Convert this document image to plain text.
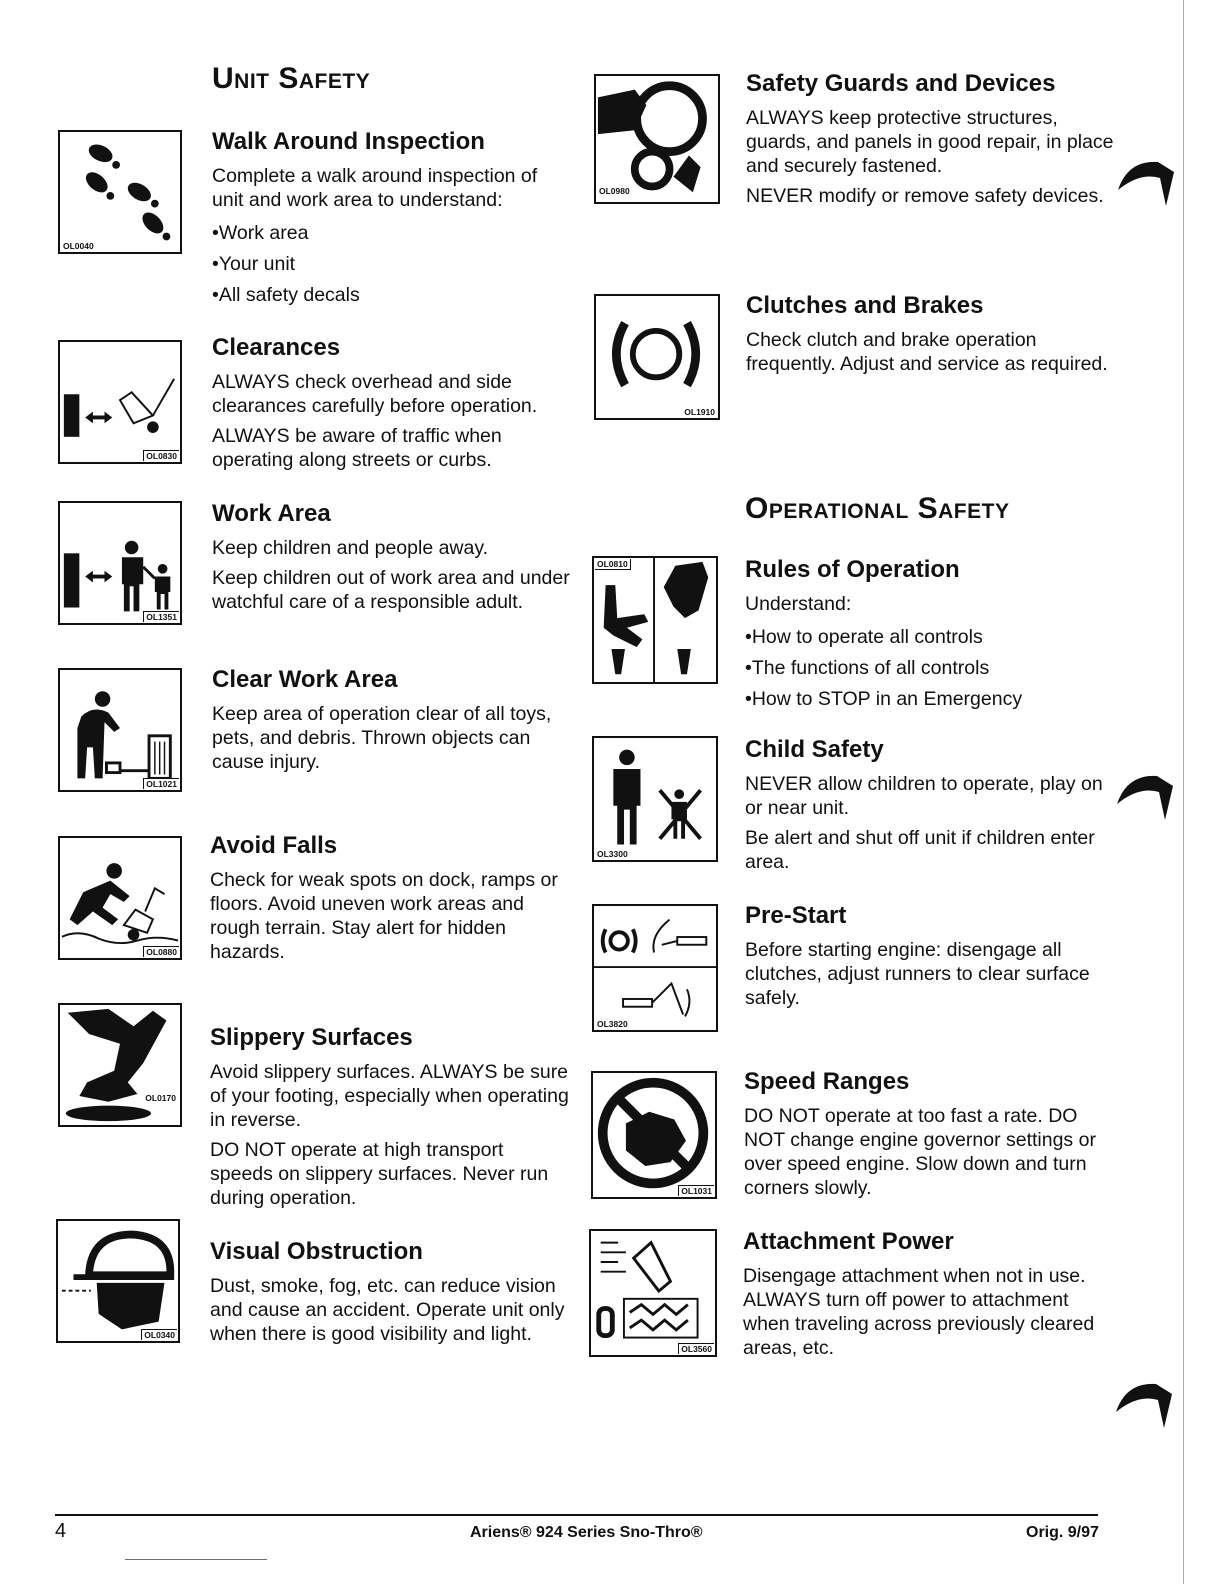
Unit Safety
OL0040
Walk Around Inspection

Complete a walk around inspection of unit and work area to understand:

• Work area
• Your unit
• All safety decals
OL0830
Clearances

ALWAYS check overhead and side clearances carefully before operation.

ALWAYS be aware of traffic when operating along streets or curbs.

OL1351
Work Area

Keep children and people away.

Keep children out of work area and under watchful care of a responsible adult.

OL1021
Clear Work Area

Keep area of operation clear of all toys, pets, and debris. Thrown objects can cause injury.

OL0880
Avoid Falls

Check for weak spots on dock, ramps or floors. Avoid uneven work areas and rough terrain. Stay alert for hidden hazards.

OL0170
Slippery Surfaces

Avoid slippery surfaces. ALWAYS be sure of your footing, especially when operating in reverse.

DO NOT operate at high transport speeds on slippery surfaces. Never run during operation.

OL0340
Visual Obstruction

Dust, smoke, fog, etc. can reduce vision and cause an accident. Operate unit only when there is good visibility and light.

OL0980
Safety Guards and Devices

ALWAYS keep protective structures, guards, and panels in good repair, in place and securely fastened.

NEVER modify or remove safety devices.

OL1910
Clutches and Brakes

Check clutch and brake operation frequently. Adjust and service as required.

Operational Safety
OL0810	Rules of Operation

Understand:

• How to operate all controls
• The functions of all controls
• How to STOP in an Emergency
OL3300
Child Safety

NEVER allow children to operate, play on or near unit.

Be alert and shut off unit if children enter area.

OL3820
Pre-Start

Before starting engine: disengage all clutches, adjust runners to clear surface safely.

OL1031
Speed Ranges

DO NOT operate at too fast a rate. DO NOT change engine governor settings or over speed engine. Slow down and turn corners slowly.

OL3560
Attachment Power

Disengage attachment when not in use. ALWAYS turn off power to attachment when traveling across previously cleared areas, etc.

4	Ariens® 924 Series Sno-Thro®	Orig. 9/97
